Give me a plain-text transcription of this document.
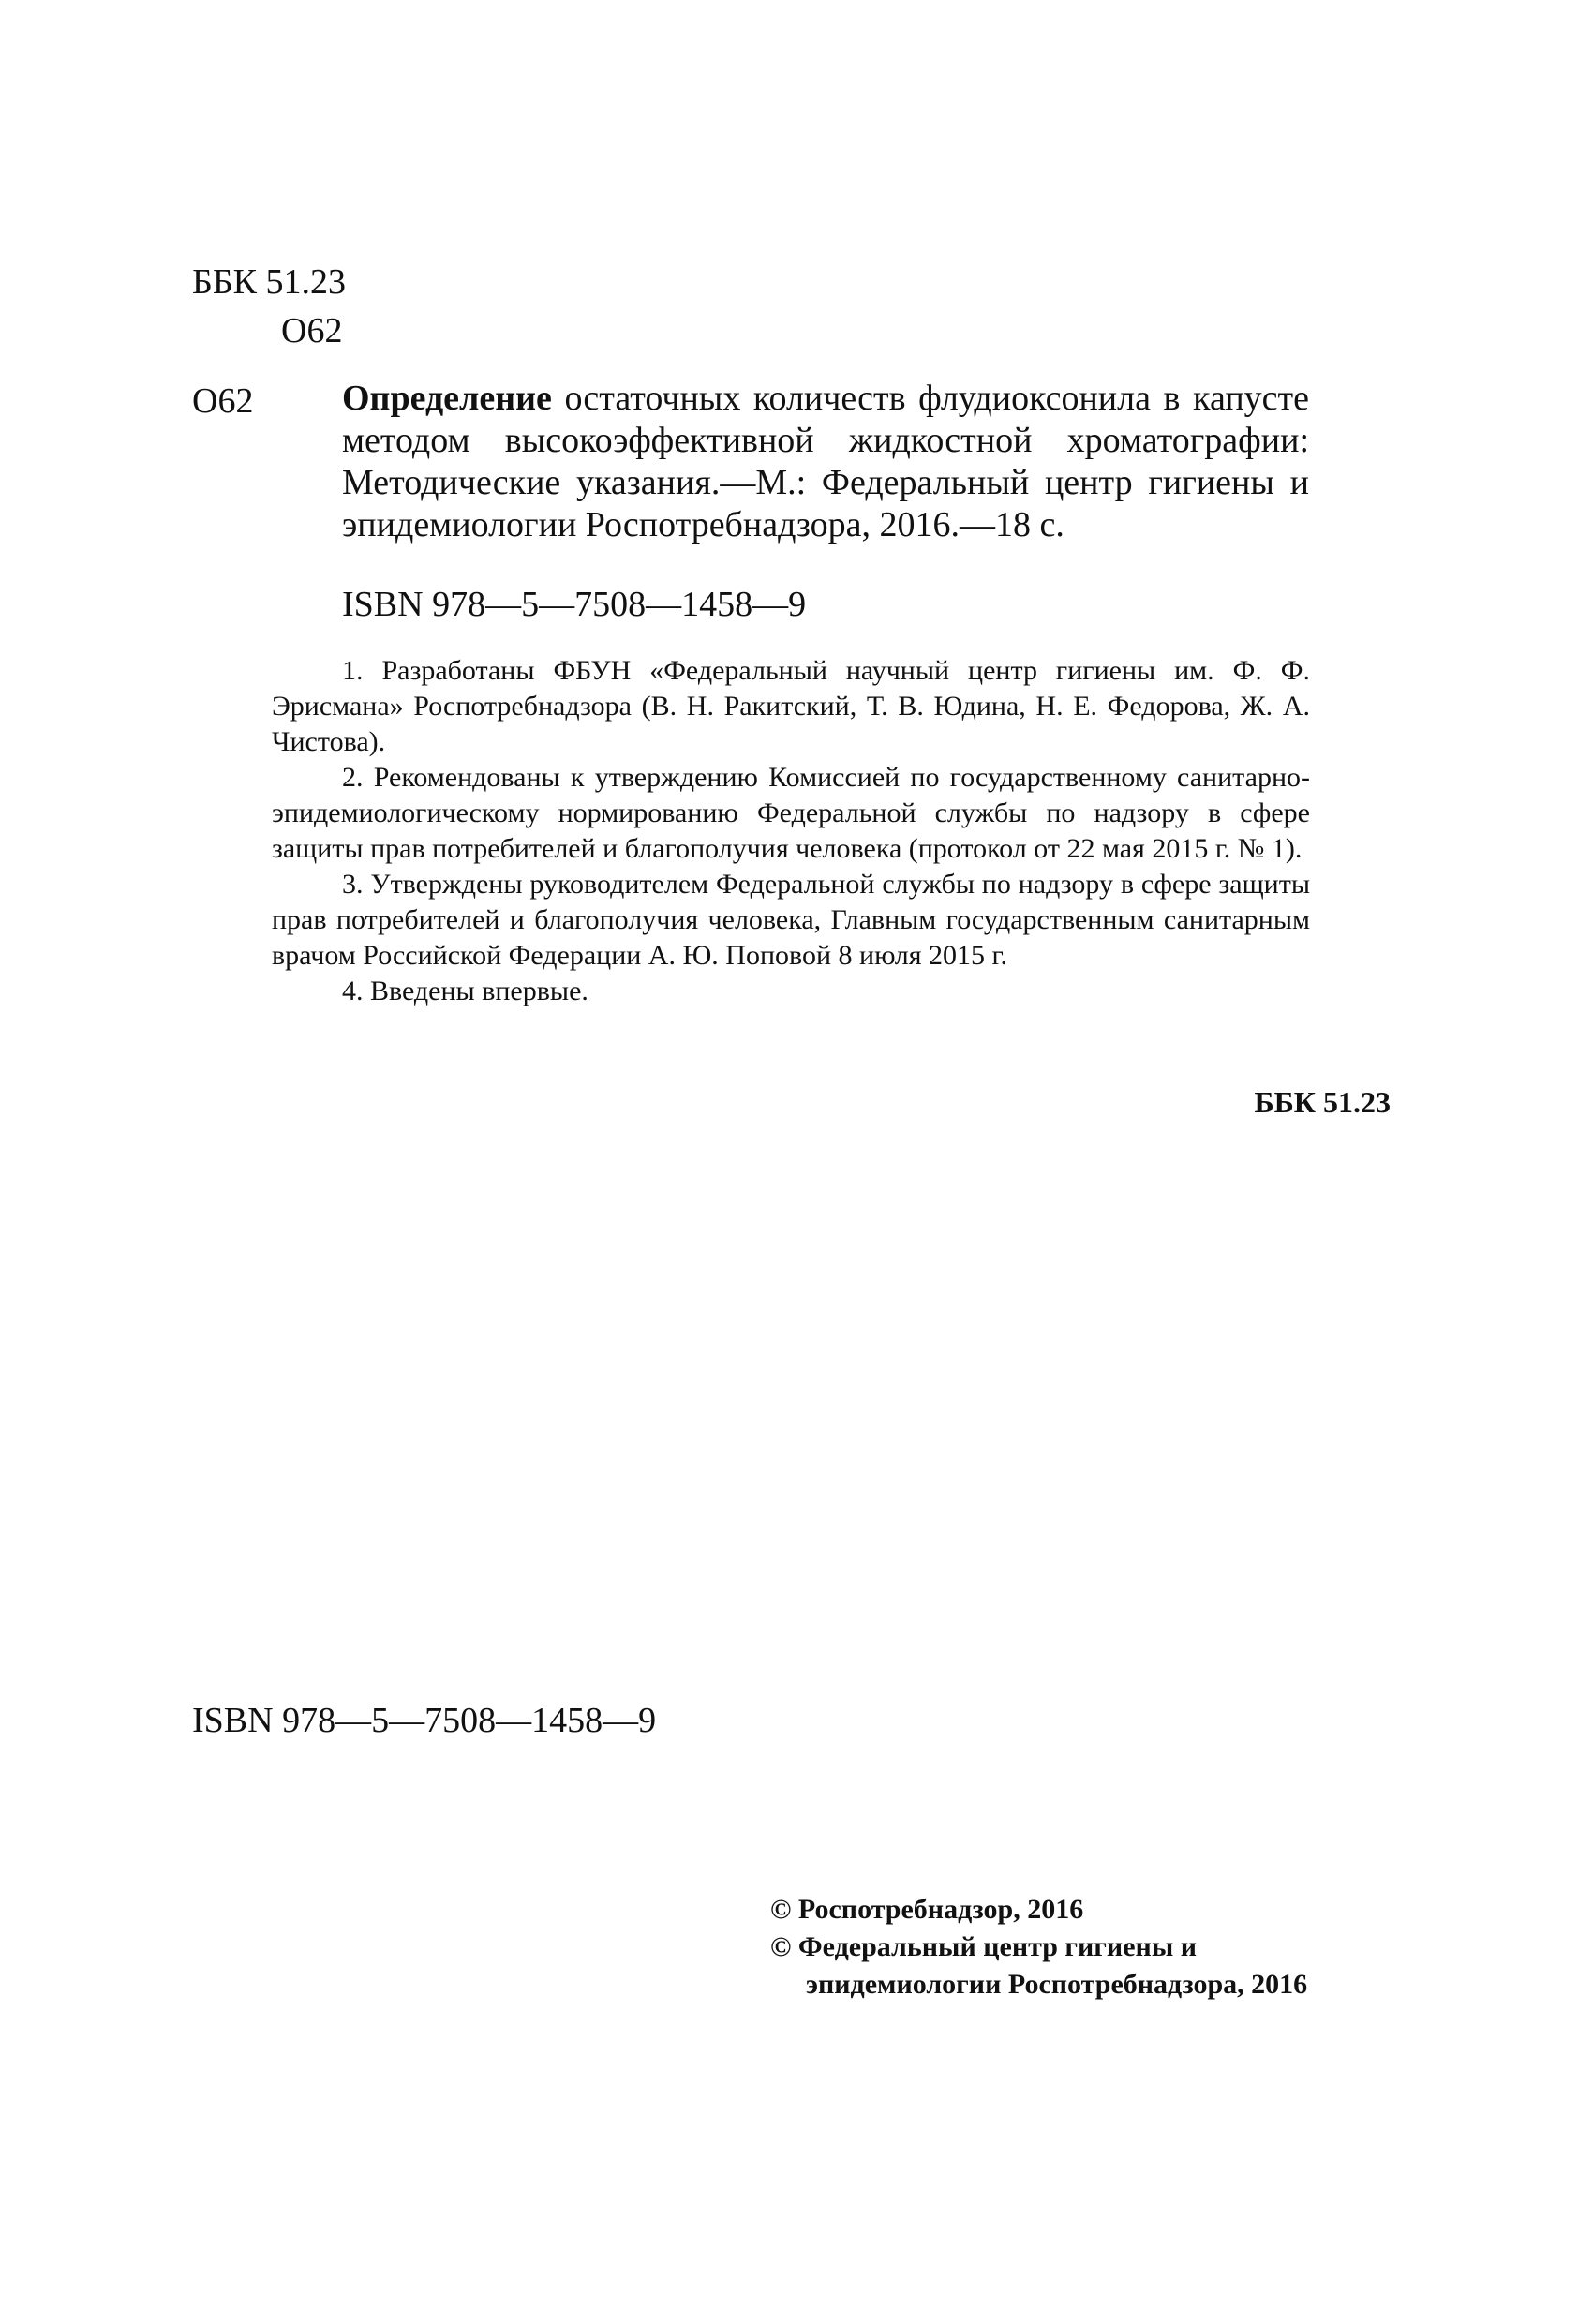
ББК 51.23
О62
О62 Определение остаточных количеств флудиоксонила в капусте методом высокоэффективной жидкостной хроматографии: Методические указания.—М.: Федеральный центр гигиены и эпидемиологии Роспотребнадзора, 2016.—18 с.
ISBN 978—5—7508—1458—9

1. Разработаны ФБУН «Федеральный научный центр гигиены им. Ф. Ф. Эрисмана» Роспотребнадзора (В. Н. Ракитский, Т. В. Юдина, Н. Е. Федорова, Ж. А. Чистова).

2. Рекомендованы к утверждению Комиссией по государственному санитарно-эпидемиологическому нормированию Федеральной службы по надзору в сфере защиты прав потребителей и благополучия человека (протокол от 22 мая 2015 г. № 1).

3. Утверждены руководителем Федеральной службы по надзору в сфере защиты прав потребителей и благополучия человека, Главным государственным санитарным врачом Российской Федерации А. Ю. Поповой 8 июля 2015 г.

4. Введены впервые.

ББК 51.23
ISBN 978—5—7508—1458—9
© Роспотребнадзор, 2016
© Федеральный центр гигиены и
эпидемиологии Роспотребнадзора, 2016
